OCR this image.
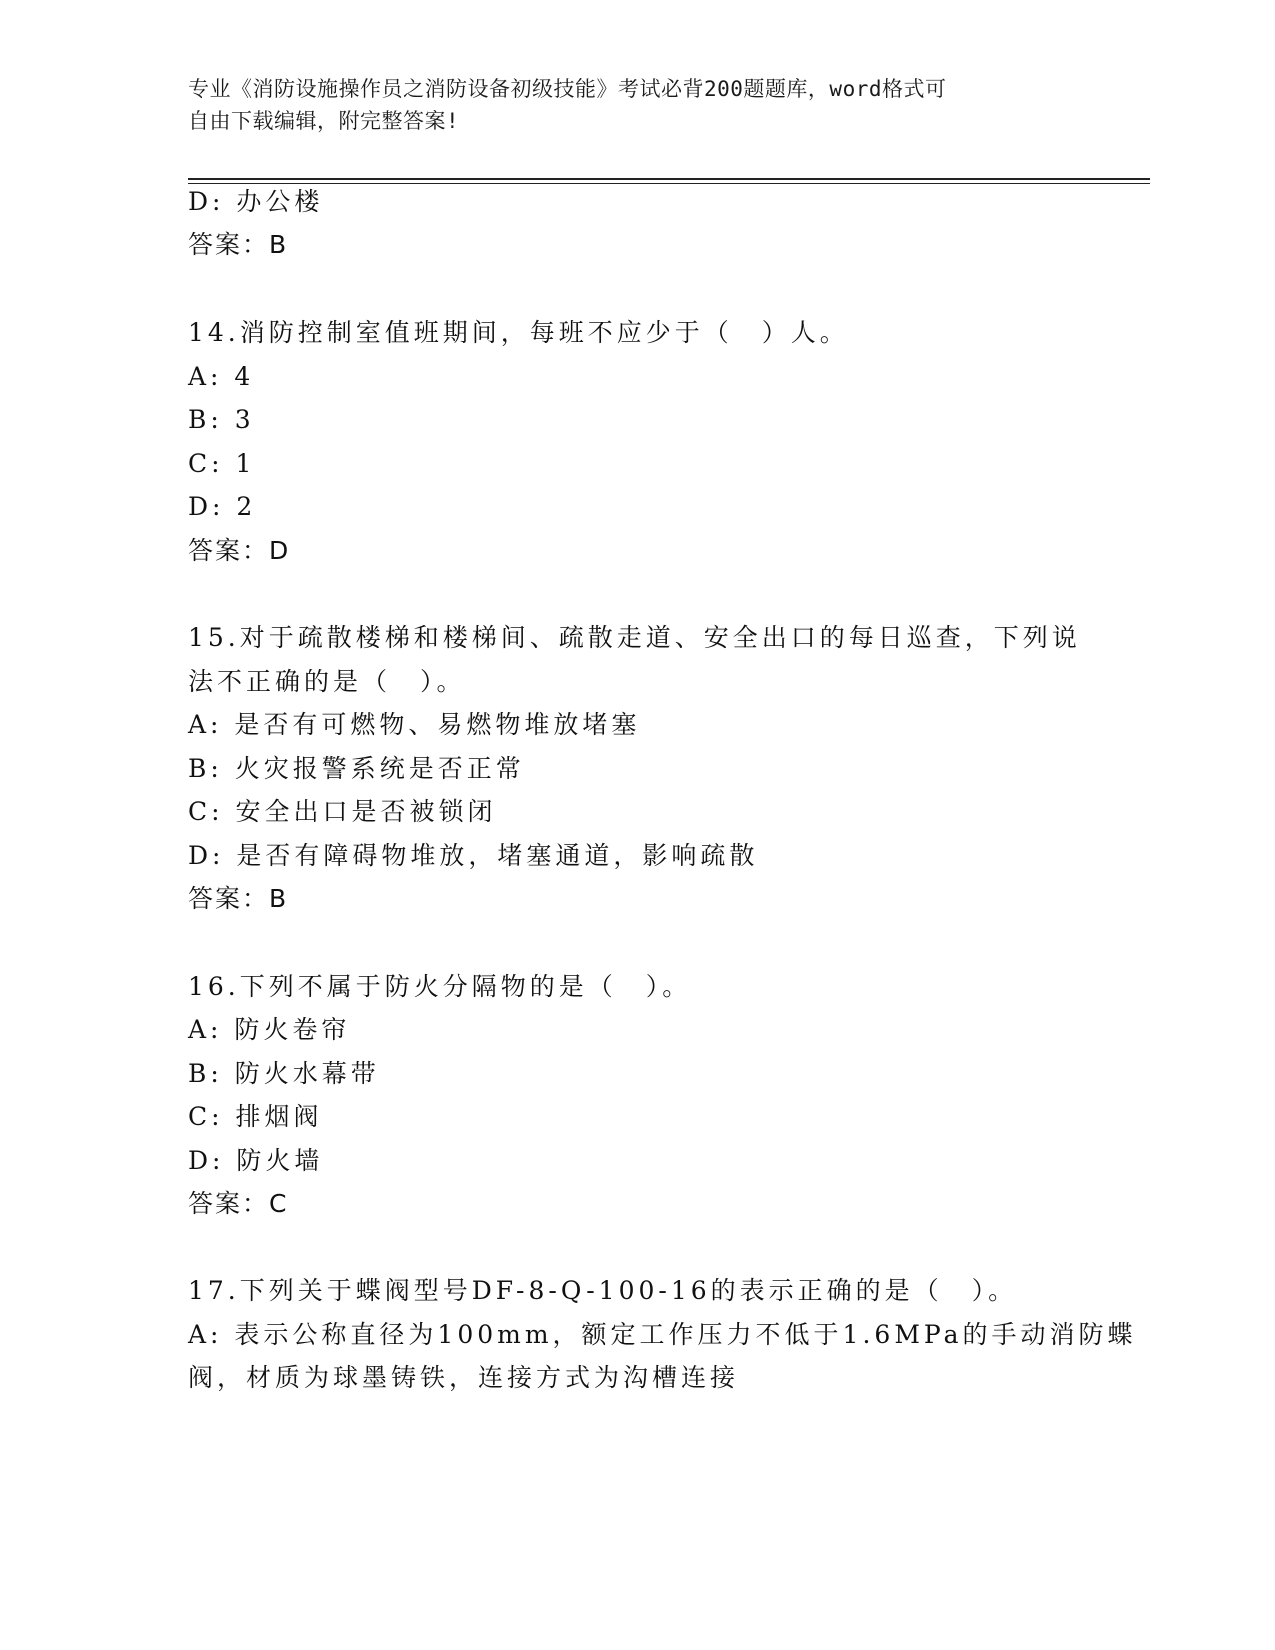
专业《消防设施操作员之消防设备初级技能》考试必背200题题库，word格式可
自由下载编辑，附完整答案!
D: 办公楼
答案：B
14.消防控制室值班期间，每班不应少于（　）人。
A: 4
B: 3
C: 1
D: 2
答案：D
15.对于疏散楼梯和楼梯间、疏散走道、安全出口的每日巡查，下列说
法不正确的是（　）。
A: 是否有可燃物、易燃物堆放堵塞
B: 火灾报警系统是否正常
C: 安全出口是否被锁闭
D: 是否有障碍物堆放，堵塞通道，影响疏散
答案：B
16.下列不属于防火分隔物的是（　）。
A: 防火卷帘
B: 防火水幕带
C: 排烟阀
D: 防火墙
答案：C
17.下列关于蝶阀型号DF-8-Q-100-16的表示正确的是（　）。
A: 表示公称直径为100mm，额定工作压力不低于1.6MPa的手动消防蝶
阀，材质为球墨铸铁，连接方式为沟槽连接
